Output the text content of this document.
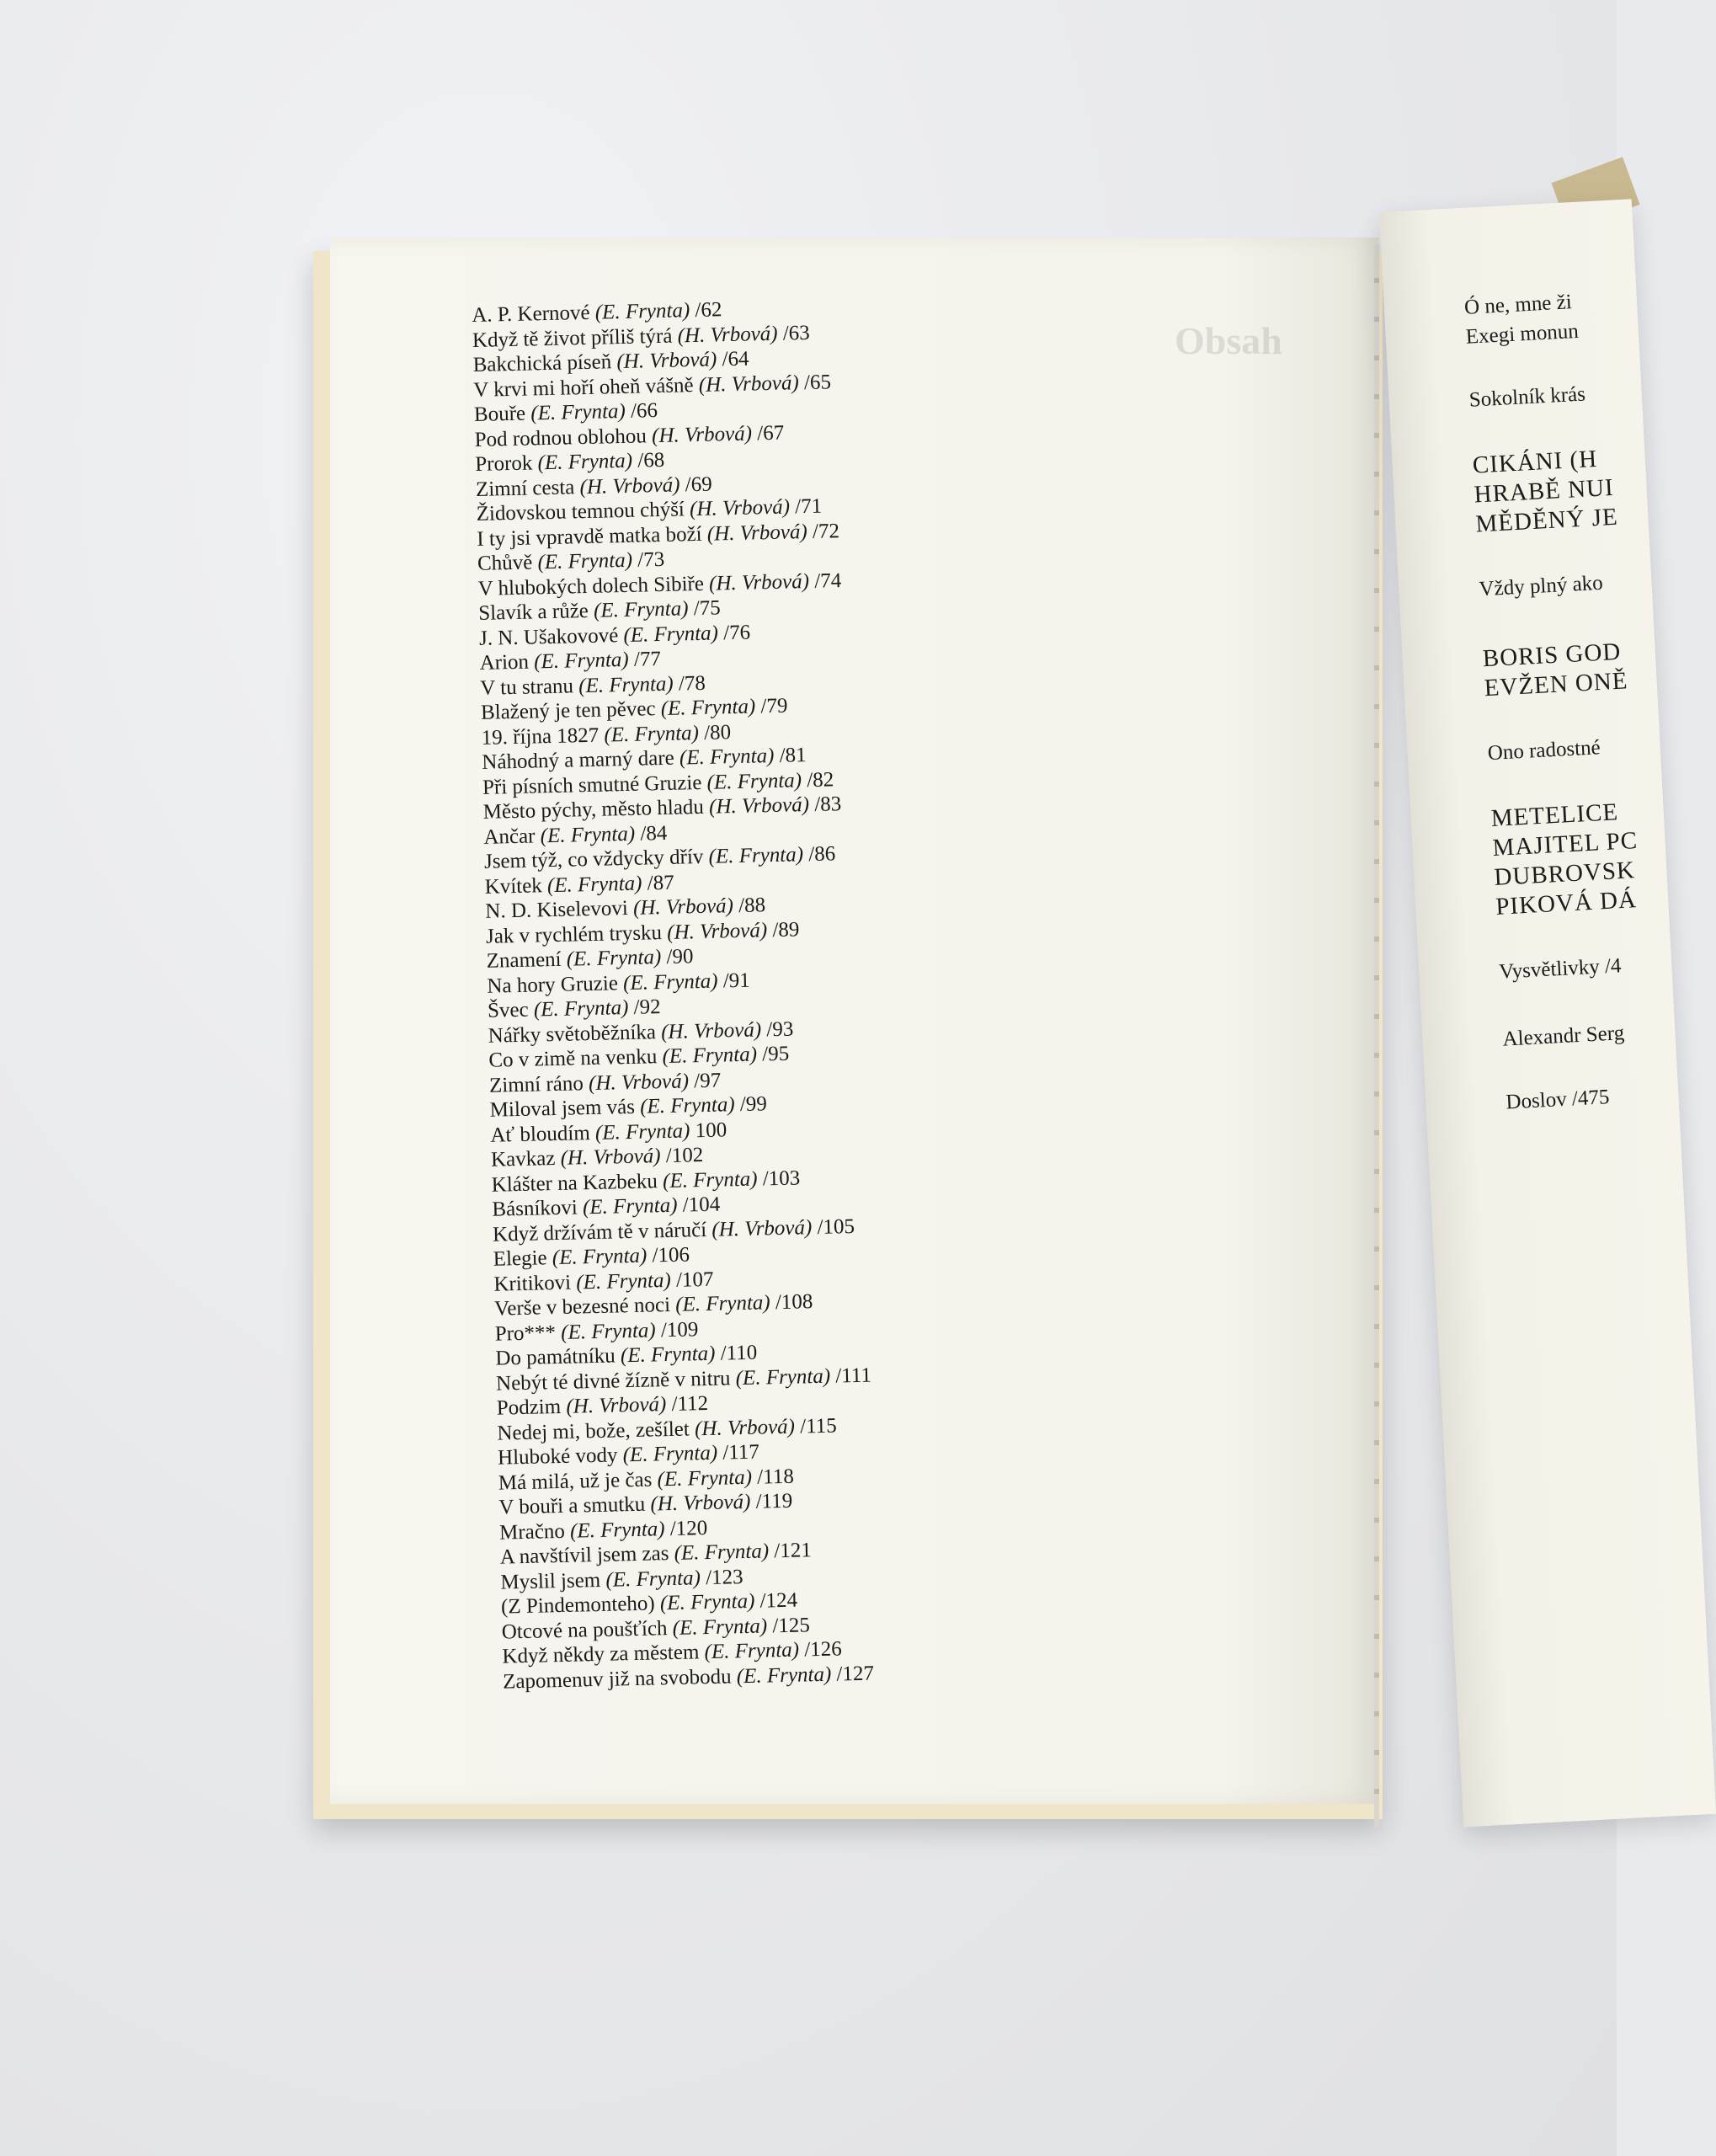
Obsah
A. P. Kernové (E. Frynta) /62
Když tě život příliš týrá (H. Vrbová) /63
Bakchická píseň (H. Vrbová) /64
V krvi mi hoří oheň vášně (H. Vrbová) /65
Bouře (E. Frynta) /66
Pod rodnou oblohou (H. Vrbová) /67
Prorok (E. Frynta) /68
Zimní cesta (H. Vrbová) /69
Židovskou temnou chýší (H. Vrbová) /71
I ty jsi vpravdě matka boží (H. Vrbová) /72
Chůvě (E. Frynta) /73
V hlubokých dolech Sibiře (H. Vrbová) /74
Slavík a růže (E. Frynta) /75
J. N. Ušakovové (E. Frynta) /76
Arion (E. Frynta) /77
V tu stranu (E. Frynta) /78
Blažený je ten pěvec (E. Frynta) /79
19. října 1827 (E. Frynta) /80
Náhodný a marný dare (E. Frynta) /81
Při písních smutné Gruzie (E. Frynta) /82
Město pýchy, město hladu (H. Vrbová) /83
Ančar (E. Frynta) /84
Jsem týž, co vždycky dřív (E. Frynta) /86
Kvítek (E. Frynta) /87
N. D. Kiselevovi (H. Vrbová) /88
Jak v rychlém trysku (H. Vrbová) /89
Znamení (E. Frynta) /90
Na hory Gruzie (E. Frynta) /91
Švec (E. Frynta) /92
Nářky světoběžníka (H. Vrbová) /93
Co v zimě na venku (E. Frynta) /95
Zimní ráno (H. Vrbová) /97
Miloval jsem vás (E. Frynta) /99
Ať bloudím (E. Frynta) 100
Kavkaz (H. Vrbová) /102
Klášter na Kazbeku (E. Frynta) /103
Básníkovi (E. Frynta) /104
Když držívám tě v náručí (H. Vrbová) /105
Elegie (E. Frynta) /106
Kritikovi (E. Frynta) /107
Verše v bezesné noci (E. Frynta) /108
Pro*** (E. Frynta) /109
Do památníku (E. Frynta) /110
Nebýt té divné žízně v nitru (E. Frynta) /111
Podzim (H. Vrbová) /112
Nedej mi, bože, zešílet (H. Vrbová) /115
Hluboké vody (E. Frynta) /117
Má milá, už je čas (E. Frynta) /118
V bouři a smutku (H. Vrbová) /119
Mračno (E. Frynta) /120
A navštívil jsem zas (E. Frynta) /121
Myslil jsem (E. Frynta) /123
(Z Pindemonteho) (E. Frynta) /124
Otcové na poušťích (E. Frynta) /125
Když někdy za městem (E. Frynta) /126
Zapomenuv již na svobodu (E. Frynta) /127
Ó ne, mne ži
Exegi monun
Sokolník krás
CIKÁNI (H
HRABĚ NUI
MĚDĚNÝ JE
Vždy plný ako
BORIS GOD
EVŽEN ONĚ
Ono radostné
METELICE
MAJITEL PC
DUBROVSK
PIKOVÁ DÁ
Vysvětlivky /4
Alexandr Serg
Doslov /475
